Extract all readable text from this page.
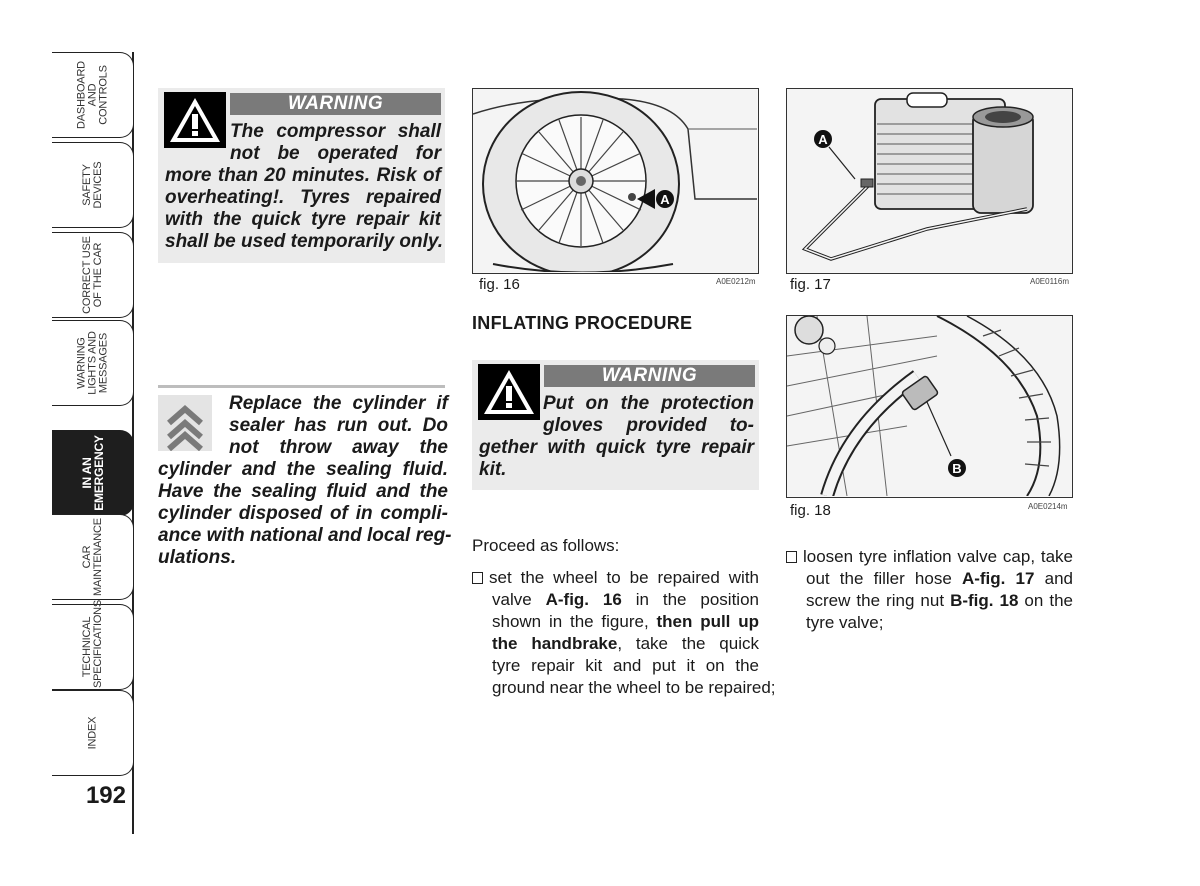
DASHBOARD
AND
CONTROLS
SAFETY
DEVICES
CORRECT USE
OF THE CAR
WARNING
LIGHTS AND
MESSAGES
IN AN
EMERGENCY
CAR
MAINTENANCE
TECHNICAL
SPECIFICATIONS
INDEX
192
WARNING
The compressor shall
not be operated for
more than 20 minutes. Risk of
overheating!. Tyres repaired
with the quick tyre repair kit
shall be used temporarily only.
Replace the cylinder if
sealer has run out. Do
not throw away the
cylinder and the sealing fluid.
Have the sealing fluid and the
cylinder disposed of in compli-
ance with national and local reg-
ulations.
A
fig. 16	A0E0212m
A
fig. 17	A0E0116m
INFLATING PROCEDURE
WARNING
Put on the protection
gloves provided to-
gether with quick tyre repair
kit.	B
fig. 18	A0E0214m
Proceed as follows:
set the wheel to be repaired with
valve A-fig. 16 in the position
shown in the figure, then pull up
the handbrake, take the quick
tyre repair kit and put it on the
ground near the wheel to be repaired;
loosen tyre inflation valve cap, take
out the filler hose A-fig. 17 and
screw the ring nut B-fig. 18 on the
tyre valve;
